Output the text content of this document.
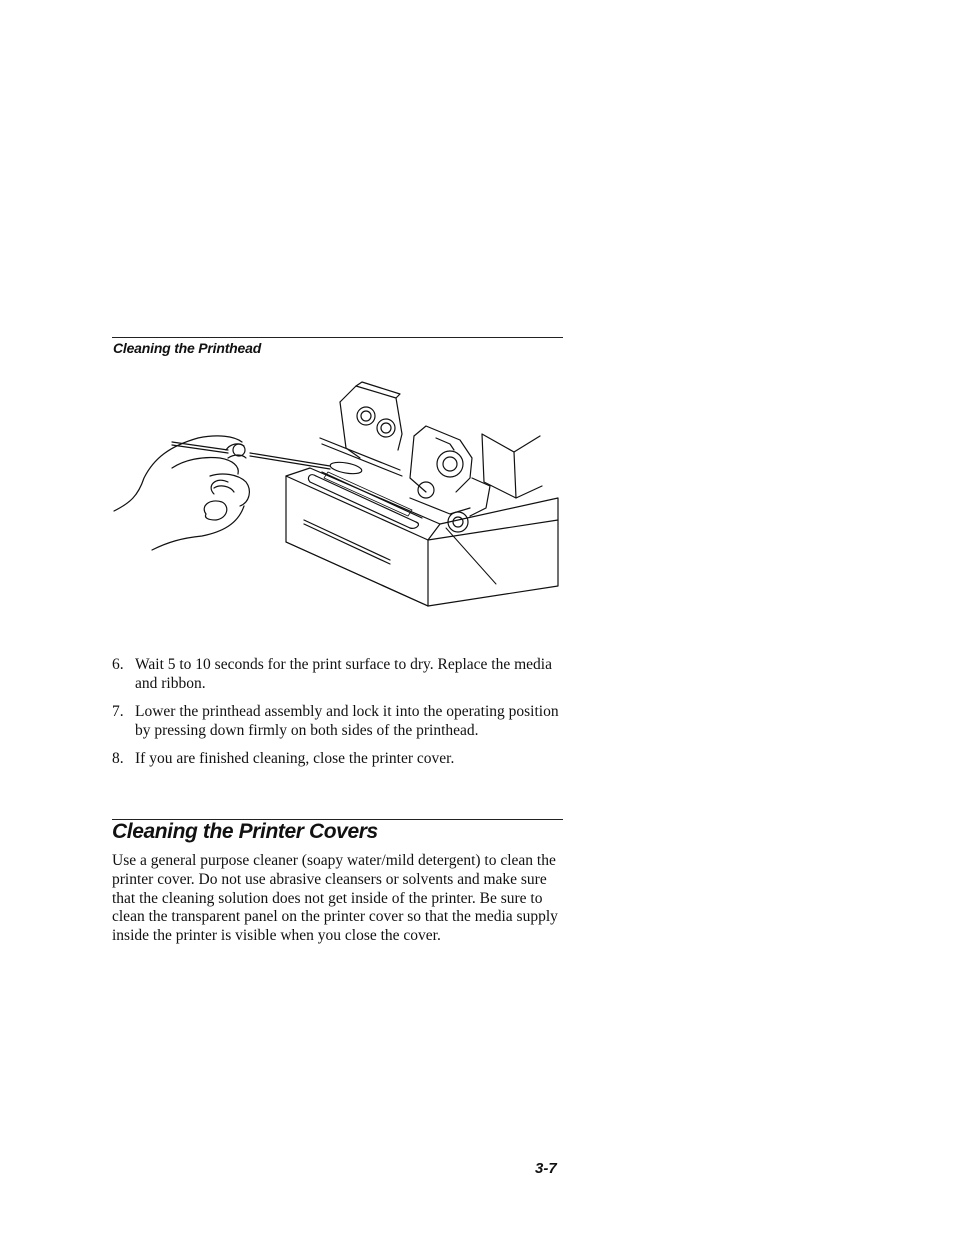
Cleaning the Printhead

6. Wait 5 to 10 seconds for the print surface to dry. Replace the media and ribbon.
7. Lower the printhead assembly and lock it into the operating position by pressing down firmly on both sides of the printhead.
8. If you are finished cleaning, close the printer cover.
Cleaning the Printer Covers

Use a general purpose cleaner (soapy water/mild detergent) to clean the printer cover. Do not use abrasive cleansers or solvents and make sure that the cleaning solution does not get inside of the printer. Be sure to clean the transparent panel on the printer cover so that the media supply inside the printer is visible when you close the cover.

3-7
